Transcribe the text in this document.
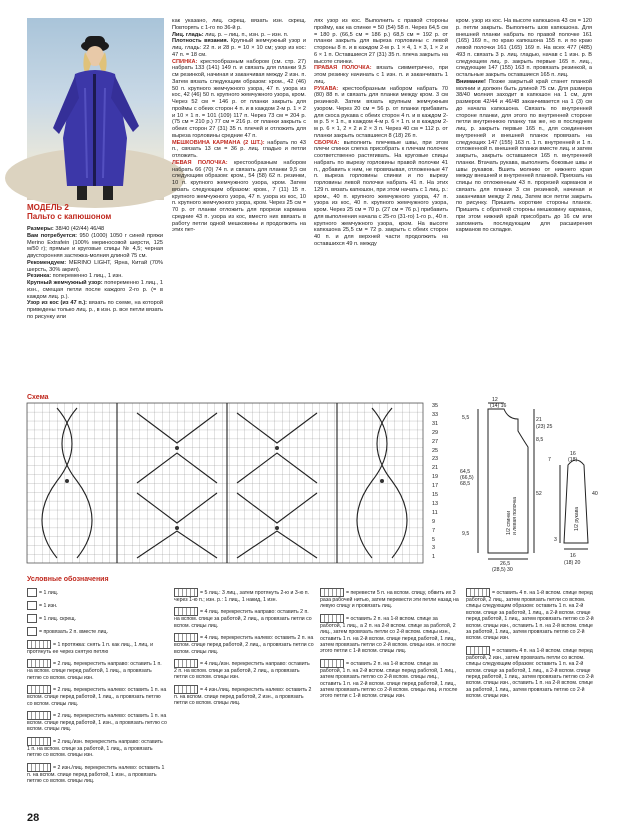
МОДЕЛЬ 2
Пальто с капюшоном

Размеры: 38/40 (42/44) 46/48

Вам потребуется: 950 (1000) 1050 г синей пряжи Merino Extrafein (100% мериносовой шерсти, 125 м/50 г); прямые и круговые спицы № 4,5; черная двусторонняя застежка-молния длиной 75 см.

Рекомендуем: MERINO LIGHT, Ярна, Китай (70% шерсть, 30% акрил).

Резинка: попеременно 1 лиц., 1 изн.

Крупный жемчужный узор: попеременно 1 лиц., 1 изн., смещая петли после каждого 2-го р. (= в каждом лиц. р.).

Узор из кос (из 47 п.): вязать по схеме, на которой приведены только лиц. р., в изн. р. все петли вязать по рисунку или

как указано, лиц. скрещ. вязать изн. скрещ. Повторять с 1-го по 36-й р.

Лиц. гладь: лиц. р. – лиц. п., изн. р. – изн. п.

Плотность вязания. Крупный жемчужный узор и лиц. гладь: 22 п. и 28 р. = 10 × 10 см; узор из кос: 47 п. = 18 см.

СПИНКА: крестообразным набором (см. стр. 27) набрать 133 (141) 149 п. и связать для планки 9,5 см резинкой, начиная и заканчивая между 2 изн. п. Затем вязать следующим образом: кром., 42 (46) 50 п. крупного жемчужного узора, 47 п. узора из кос, 42 (46) 50 п. крупного жемчужного узора, кром. Через 52 см = 146 р. от планки закрыть для проймы с обеих сторон 4 п. и в каждом 2-м р. 1 × 2 и 10 × 1 п. = 101 (109) 117 п. Через 73 см = 204 р. (75 см = 210 р.) 77 см = 216 р. от планки закрыть с обеих сторон 27 (31) 35 п. плечей и отложить для выреза горловины средние 47 п.

МЕШКОВИНА КАРМАНА (2 ШТ.): набрать по 43 п., связать 13 см = 36 р. лиц. гладью и петли отложить.

ЛЕВАЯ ПОЛОЧКА: крестообразным набором набрать 66 (70) 74 п. и связать для планки 9,5 см следующим образом: кром., 54 (58) 62 п. резинки, 10 п. крупного жемчужного узора, кром. Затем вязать следующим образом: кром., 7 (11) 15 п. крупного жемчужного узора, 47 п. узора из кос, 10 п. крупного жемчужного узора, кром. Через 25 см = 70 р. от планки отложить для прорези кармана средние 43 п. узора из кос, вместо них ввязать в работу петли одной мешковины и продолжить на этих пет-

лях узор из кос. Выполнить с правой стороны пройму, как на спинке = 50 (54) 58 п. Через 64,5 см = 180 р. (66,5 см = 186 р.) 68,5 см = 192 р. от планки закрыть для выреза горловины с левой стороны 8 п. и в каждом 2-м р. 1 × 4, 1 × 3, 1 × 2 и 6 × 1 п. Оставшиеся 27 (31) 35 п. плеча закрыть на высоте спинки.

ПРАВАЯ ПОЛОЧКА: вязать симметрично, при этом резинку начинать с 1 изн. п. и заканчивать 1 лиц.

РУКАВА: крестообразным набором набрать 70 (80) 88 п. и связать для планки между кром. 3 см резинкой. Затем вязать крупным жемчужным узором. Через 20 см = 56 р. от планки прибавить для скоса рукава с обеих сторон 4 п. и в каждом 2-м р. 5 × 1 п., в каждом 4-м р. 6 × 1 п. и в каждом 2-м р. 6 × 1, 2 × 2 и 2 × 3 п. Через 40 см = 112 р. от планки закрыть оставшиеся 8 (18) 26 п.

СБОРКА: выполнить плечевые швы, при этом плечи спинки слегка присобрать к плечам полочек соответственно растягивать. На круговые спицы набрать по вырезу горловины правой полочки 41 п., добавить к ним, не провязывая, отложенные 47 п. выреза горловины спинки и по вырезу горловины левой полочки набрать 41 п. На этих 129 п. вязать капюшон, при этом начать с 1 лиц. р.: кром., 40 п. крупного жемчужного узора, 47 п. узора из кос, 40 п. крупного жемчужного узора, кром. Через 25 см = 70 р. (27 см = 76 р.) прибавить для выполнения начала с 25-го (31-го) 1-го р., 40 п. крупного жемчужного узора, кром. На высоте капюшона 25,5 см = 72 р. закрыть с обеих сторон 40 п. и для верхней части продолжить на оставшихся 49 п. между

кром. узор из кос. На высоте капюшона 43 см = 120 р. петли закрыть. Выполнить шов капюшона. Для внешней планки набрать по правой полочке 161 (165) 169 п., по краю капюшона 155 п. и по краю левой полочки 161 (165) 169 п. На всех 477 (485) 493 п. связать 3 р. лиц. гладью, начав с 1 изн. р. В следующем лиц. р. закрыть первые 165 п. лиц., следующие 147 (155) 163 п. провязать резинкой, а остальные закрыть оставшиеся 165 п. лиц.

Внимание! Позже закрытый край станет планкой молнии и должен быть длиной 75 см. Для размера 38/40 молния заходит в капюшон на 1 см, для размеров 42/44 и 46/48 заканчивается на 1 (3) см до начала капюшона. Связать по внутренней стороне планки, для этого по внутренней стороне петли внутреннюю планку так же, но в последнем лиц. р. закрыть первые 165 п., для соединения внутренней и внешней планок провязать на следующих 147 (155) 163 п. 1 п. внутренней и 1 п. отложенной п. внешней планки вместе лиц. и затем закрыть, закрыть оставшиеся 165 п. внутренней планки. Втачать рукава, выполнить боковые швы и швы рукавов. Вшить молнию от нижнего края между внешней и внутренней планкой. Приязать на спицы по отложенным 43 п. прорезей карманов и связать для планки 3 см резинкой, начиная и заканчивая между 2 лиц. Затем все петли закрыть по рисунку. Пришить короткие стороны планок. Пришить с обратной стороны мешковину кармана, при этом нижний край присобрать до 16 см или запомнить последующим для расширения карманов по складке.

Схема
35
33
31
29
27
25
23
21
19
17
15
13
11
9
7
5
3
1
12
(14) 16
5,5	21
(23) 25
8,5
64,5 (66,5) 68,5
52
9,5
26,5
(28,5) 30
7
16
(18)
40
3
16
(18) 20
1/2 спинкии левая полочка	1/2 рукава
Условные обозначения
= 1 лиц.
= 1 изн.
= 1 лиц. скрещ.
= провязать 2 п. вместе лиц.
= 1 протяжка: снять 1 п. как лиц., 1 лиц. и протянуть ее через снятую петлю
= 2 лиц. перекрестить направо: оставить 1 п. на вспом. спице перед работой, 1 лиц., а провязать петлю со вспом. спицы изн.
= 2 лиц. перекрестить налево: оставить 1 п. на вспом. спице перед работой, 1 лиц., а провязать петлю со вспом. спицы лиц.
= 2 лиц. перекрестить налево: оставить 1 п. на вспом. спице перед работой, 1 изн., а провязать петлю со вспом. спицы лиц.
= 2 лиц./изн. перекрестить направо: оставить 1 п. на вспом. спице за работой, 1 лиц., а провязать петлю со вспом. спицы изн.
= 2 изн./лиц. перекрестить налево: оставить 1 п. на вспом. спице перед работой, 1 изн., а провязать петлю со вспом. спицы лиц.
= 5 лиц.: 3 лиц., затем протянуть 2-ю и 3-ю п. через 1-ю п.; изн. р.: 1 лиц., 1 накид, 1 изн.
= 4 лиц. перекрестить направо: оставить 2 п. на вспом. спице за работой, 2 лиц., а провязать петли со вспом. спицы лиц.
= 4 лиц. перекрестить налево: оставить 2 п. на вспом. спице перед работой, 2 лиц., а провязать петли со вспом. спицы лиц.
= 4 лиц./изн. перекрестить направо: оставить 2 п. на вспом. спице за работой, 2 лиц., а провязать петли со вспом. спицы изн.
= 4 изн./лиц. перекрестить налево: оставить 2 п. на вспом. спице перед работой, 2 изн., а провязать петли со вспом. спицы лиц.
= перевести 5 п. на вспом. спицу, обвить их 3 раза рабочей нитью, затем перевести эти петли назад на левую спицу и провязать лиц.
= оставить 2 п. на 1-й вспом. спице за работой, 1 лиц., а 2 п. на 2-й вспом. спице за работой, 2 лиц., затем провязать петли со 2-й вспом. спицы изн., оставить 1 п. на 2-й вспом. спице перед работой, 1 лиц., затем провязать петли со 2-й вспом. спицы изн. и после этого петли с 1-й вспом. спицы лиц.
= оставить 2 п. на 1-й вспом. спице за работой, 1 п. на 2-й вспом. спице перед работой, 1 лиц., затем провязать петлю со 2-й вспом. спицы лиц., оставить 1 п. на 2-й вспом. спице перед работой, 1 лиц., затем провязать петлю со 2-й вспом. спицы лиц. и после этого петли с 1-й вспом. спицы изн.
= оставить 4 п. на 1-й вспом. спице перед работой, 2 лиц., затем провязать петли со вспом. спицы следующим образом: оставить 1 п. на 2-й вспом. спице за работой, 1 лиц., а 2-й вспом. спице перед работой, 1 лиц., затем провязать петлю со 2-й вспом. спицы изн., оставить 1 п. на 2-й вспом. спице за работой, 1 лиц., затем провязать петлю со 2-й вспом. спицы изн.
= оставить 4 п. на 1-й вспом. спице перед работой, 2 изн., затем провязать петли со вспом. спицы следующим образом: оставить 1 п. на 2-й вспом. спице за работой, 1 лиц., а 2-й вспом. спице перед работой, 1 лиц., затем провязать петлю со 2-й вспом. спицы изн., оставить 1 п. на 2-й вспом. спице за работой, 1 лиц., затем провязать петлю со 2-й вспом. спицы изн.
28
